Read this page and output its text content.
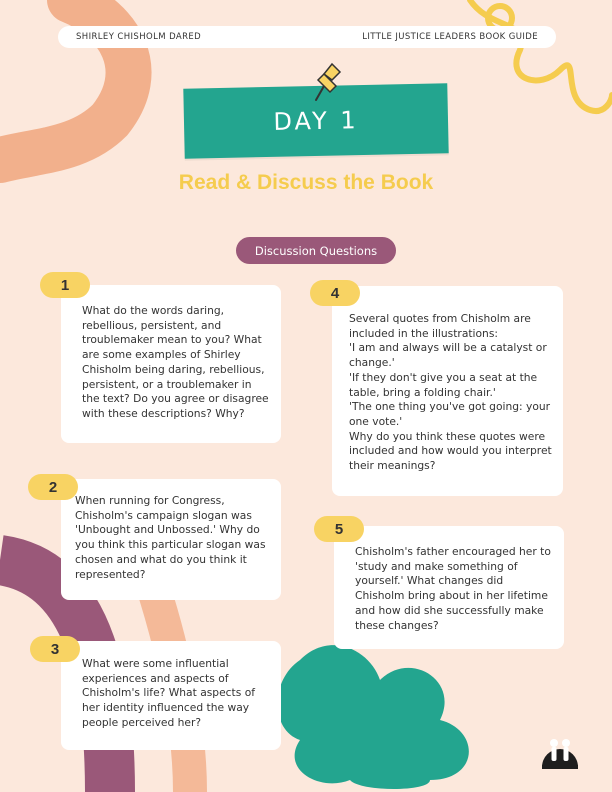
SHIRLEY CHISHOLM DARED	LITTLE JUSTICE LEADERS BOOK GUIDE
DAY 1
Read & Discuss the Book
Discussion Questions

What do the words daring, rebellious, persistent, and troublemaker mean to you? What are some examples of Shirley Chisholm being daring, rebellious, persistent, or a troublemaker in the text? Do you agree or disagree with these descriptions? Why?

1

When running for Congress, Chisholm's campaign slogan was 'Unbought and Unbossed.' Why do you think this particular slogan was chosen and what do you think it represented?

2

What were some influential experiences and aspects of Chisholm's life? What aspects of her identity influenced the way people perceived her?

3

Several quotes from Chisholm are included in the illustrations:

'I am and always will be a catalyst or change.'

'If they don't give you a seat at the table, bring a folding chair.'

'The one thing you've got going: your one vote.'

Why do you think these quotes were included and how would you interpret their meanings?

4

Chisholm's father encouraged her to 'study and make something of yourself.' What changes did Chisholm bring about in her lifetime and how did she successfully make these changes?

5
